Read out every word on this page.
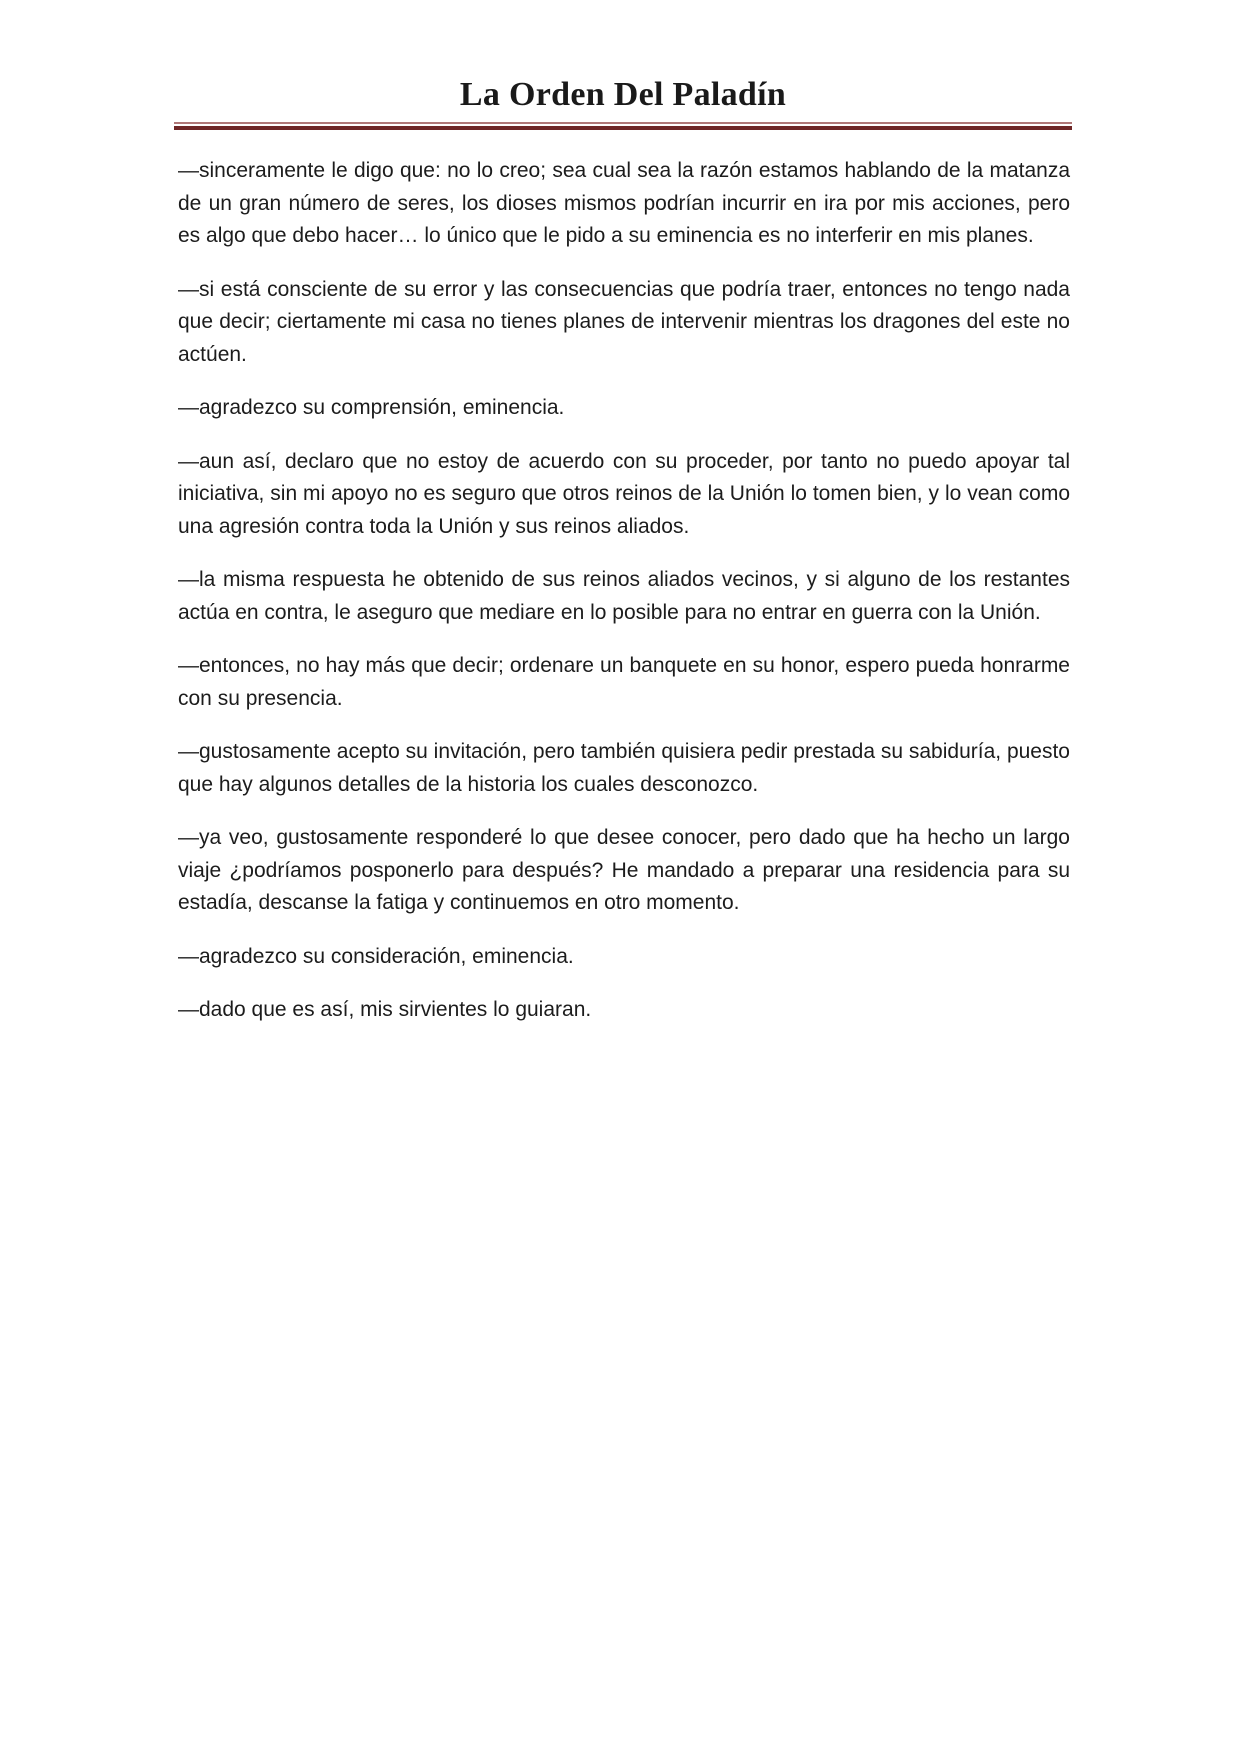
La Orden Del Paladín

—sinceramente le digo que: no lo creo; sea cual sea la razón estamos hablando de la matanza de un gran número de seres, los dioses mismos podrían incurrir en ira por mis acciones, pero es algo que debo hacer… lo único que le pido a su eminencia es no interferir en mis planes.

—si está consciente de su error y las consecuencias que podría traer, entonces no tengo nada que decir; ciertamente mi casa no tienes planes de intervenir mientras los dragones del este no actúen.

—agradezco su comprensión, eminencia.

—aun así, declaro que no estoy de acuerdo con su proceder, por tanto no puedo apoyar tal iniciativa, sin mi apoyo no es seguro que otros reinos de la Unión lo tomen bien, y lo vean como una agresión contra toda la Unión y sus reinos aliados.

—la misma respuesta he obtenido de sus reinos aliados vecinos, y si alguno de los restantes actúa en contra, le aseguro que mediare en lo posible para no entrar en guerra con la Unión.

—entonces, no hay más que decir; ordenare un banquete en su honor, espero pueda honrarme con su presencia.

—gustosamente acepto su invitación, pero también quisiera pedir prestada su sabiduría, puesto que hay algunos detalles de la historia los cuales desconozco.

—ya veo, gustosamente responderé lo que desee conocer, pero dado que ha hecho un largo viaje ¿podríamos posponerlo para después? He mandado a preparar una residencia para su estadía, descanse la fatiga y continuemos en otro momento.

—agradezco su consideración, eminencia.

—dado que es así, mis sirvientes lo guiaran.
